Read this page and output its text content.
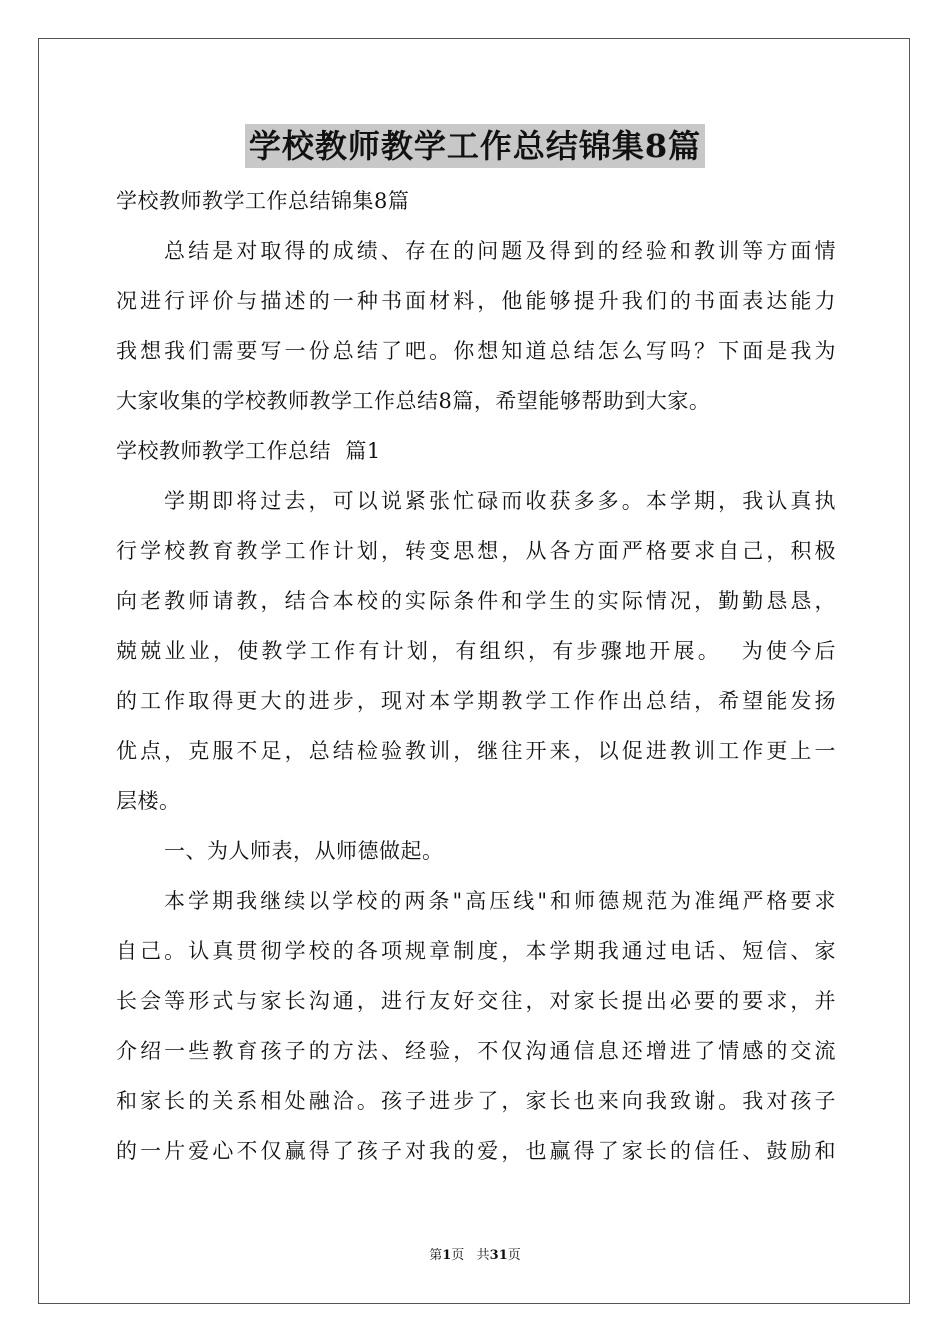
学校教师教学工作总结锦集8篇
学校教师教学工作总结锦集8篇
总结是对取得的成绩、存在的问题及得到的经验和教训等方面情
况进行评价与描述的一种书面材料，他能够提升我们的书面表达能力
我想我们需要写一份总结了吧。你想知道总结怎么写吗？下面是我为
大家收集的学校教师教学工作总结8篇，希望能够帮助到大家。
学校教师教学工作总结  篇1
学期即将过去，可以说紧张忙碌而收获多多。本学期，我认真执
行学校教育教学工作计划，转变思想，从各方面严格要求自己，积极
向老教师请教，结合本校的实际条件和学生的实际情况，勤勤恳恳，
兢兢业业，使教学工作有计划，有组织，有步骤地开展。  为使今后
的工作取得更大的进步，现对本学期教学工作作出总结，希望能发扬
优点，克服不足，总结检验教训，继往开来，以促进教训工作更上一
层楼。
一、为人师表，从师德做起。
本学期我继续以学校的两条"高压线"和师德规范为准绳严格要求
自己。认真贯彻学校的各项规章制度，本学期我通过电话、短信、家
长会等形式与家长沟通，进行友好交往，对家长提出必要的要求，并
介绍一些教育孩子的方法、经验，不仅沟通信息还增进了情感的交流
和家长的关系相处融洽。孩子进步了，家长也来向我致谢。我对孩子
的一片爱心不仅赢得了孩子对我的爱，也赢得了家长的信任、鼓励和
第1页   共31页
